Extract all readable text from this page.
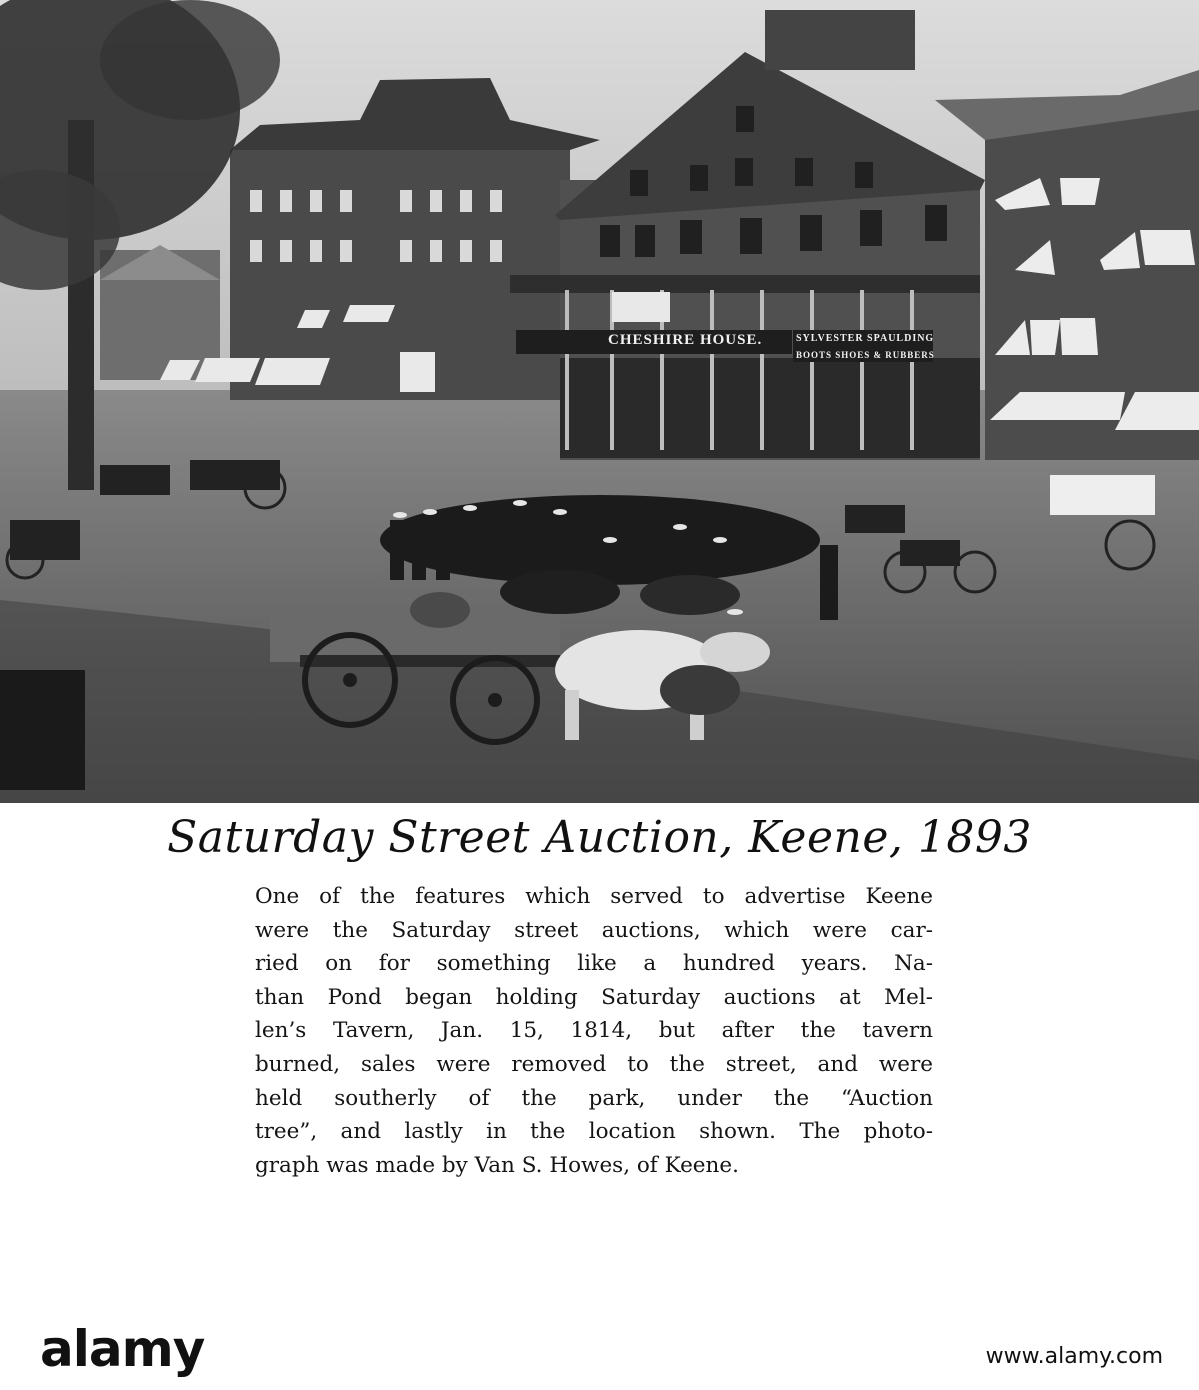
CHESHIRE HOUSE.	SYLVESTER SPAULDING
BOOTS SHOES & RUBBERS
Saturday Street Auction, Keene, 1893
One of the features which served to advertise Keene
were the Saturday street auctions, which were car-
ried on for something like a hundred years. Na-
than Pond began holding Saturday auctions at Mel-
len’s Tavern, Jan. 15, 1814, but after the tavern
burned, sales were removed to the street, and were
held southerly of the park, under the “Auction
tree”, and lastly in the location shown. The photo-
graph was made by Van S. Howes, of Keene.
alamy	www.alamy.com
